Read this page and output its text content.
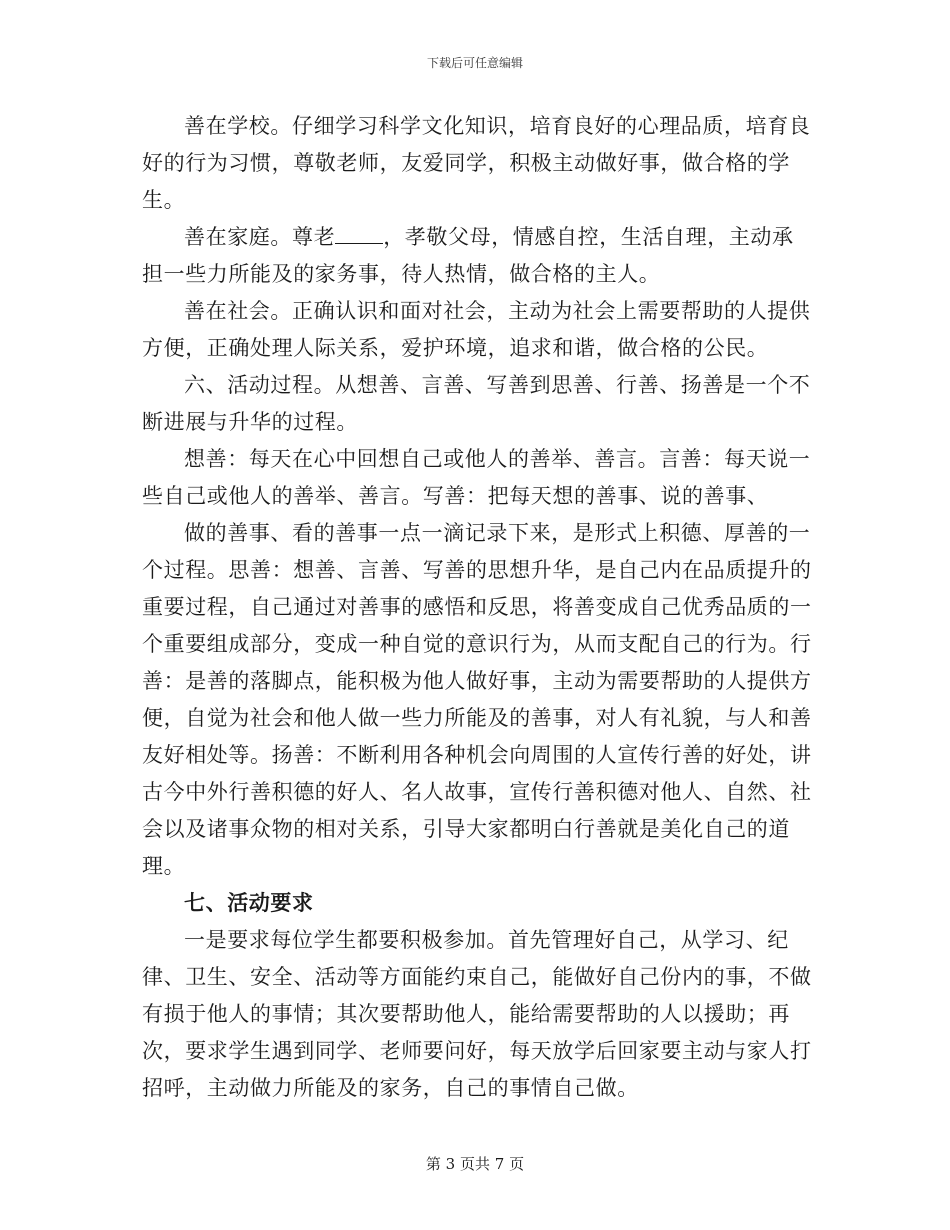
下载后可任意编辑

善在学校。仔细学习科学文化知识，培育良好的心理品质，培育良好的行为习惯，尊敬老师，友爱同学，积极主动做好事，做合格的学生。

善在家庭。尊老 ，孝敬父母，情感自控，生活自理，主动承担一些力所能及的家务事，待人热情，做合格的主人。

善在社会。正确认识和面对社会，主动为社会上需要帮助的人提供方便，正确处理人际关系，爱护环境，追求和谐，做合格的公民。

六、活动过程。从想善、言善、写善到思善、行善、扬善是一个不断进展与升华的过程。

想善：每天在心中回想自己或他人的善举、善言。言善：每天说一些自己或他人的善举、善言。写善：把每天想的善事、说的善事、

做的善事、看的善事一点一滴记录下来，是形式上积德、厚善的一个过程。思善：想善、言善、写善的思想升华，是自己内在品质提升的重要过程，自己通过对善事的感悟和反思，将善变成自己优秀品质的一个重要组成部分，变成一种自觉的意识行为，从而支配自己的行为。行善：是善的落脚点，能积极为他人做好事，主动为需要帮助的人提供方便，自觉为社会和他人做一些力所能及的善事，对人有礼貌，与人和善友好相处等。扬善：不断利用各种机会向周围的人宣传行善的好处，讲古今中外行善积德的好人、名人故事，宣传行善积德对他人、自然、社会以及诸事众物的相对关系，引导大家都明白行善就是美化自己的道理。

七、活动要求

一是要求每位学生都要积极参加。首先管理好自己，从学习、纪律、卫生、安全、活动等方面能约束自己，能做好自己份内的事，不做有损于他人的事情；其次要帮助他人，能给需要帮助的人以援助；再次，要求学生遇到同学、老师要问好，每天放学后回家要主动与家人打招呼，主动做力所能及的家务，自己的事情自己做。

第 3 页共 7 页
